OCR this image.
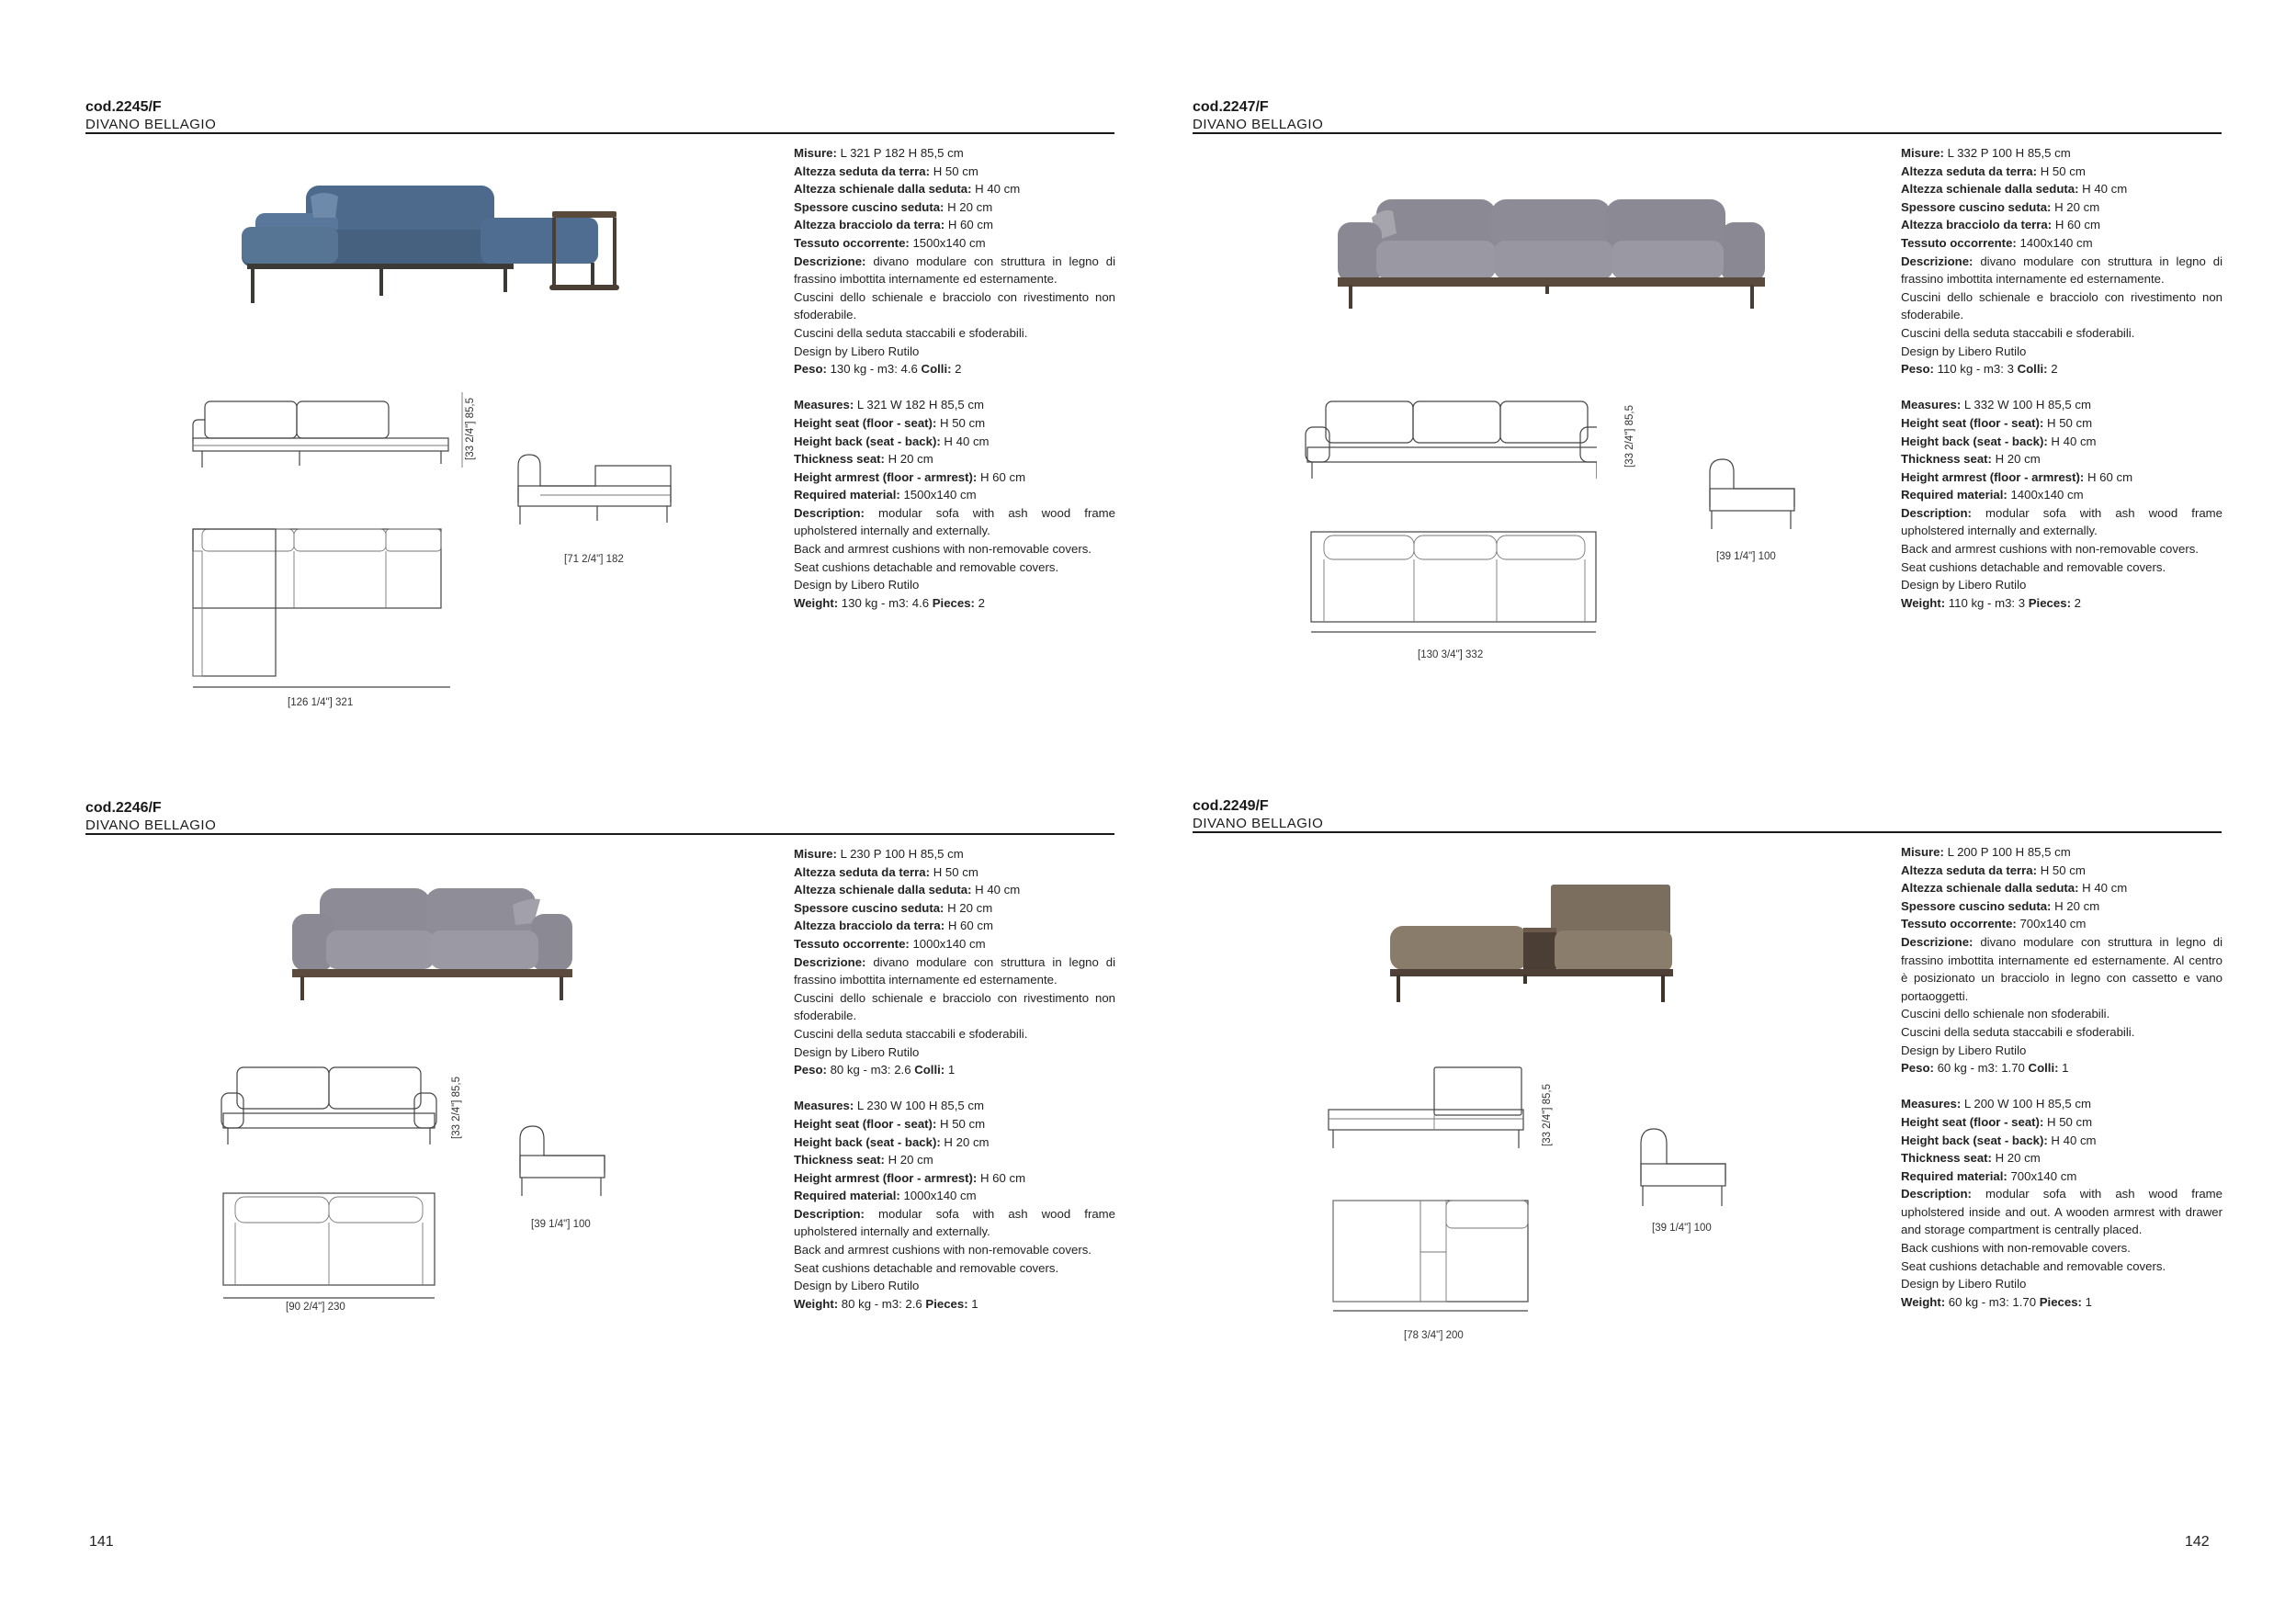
cod.2245/F
DIVANO BELLAGIO
[33 2/4"] 85,5
[71 2/4"] 182
[126 1/4"] 321

Misure: L 321 P 182 H 85,5 cm

Altezza seduta da terra: H 50 cm

Altezza schienale dalla seduta: H 40 cm

Spessore cuscino seduta: H 20 cm

Altezza bracciolo da terra: H 60 cm

Tessuto occorrente: 1500x140 cm

Descrizione: divano modulare con struttura in legno di frassino imbottita internamente ed esternamente.

Cuscini dello schienale e bracciolo con rivestimento non sfoderabile.

Cuscini della seduta staccabili e sfoderabili.

Design by Libero Rutilo

Peso: 130 kg - m3: 4.6 Colli: 2

Measures: L 321 W 182 H 85,5 cm

Height seat (floor - seat): H 50 cm

Height back (seat - back): H 40 cm

Thickness seat: H 20 cm

Height armrest (floor - armrest): H 60 cm

Required material: 1500x140 cm

Description: modular sofa with ash wood frame upholstered internally and externally.

Back and armrest cushions with non-removable covers.

Seat cushions detachable and removable covers.

Design by Libero Rutilo

Weight: 130 kg - m3: 4.6 Pieces: 2

cod.2247/F
DIVANO BELLAGIO
[33 2/4"] 85,5
[39 1/4"] 100
[130 3/4"] 332

Misure: L 332 P 100 H 85,5 cm

Altezza seduta da terra: H 50 cm

Altezza schienale dalla seduta: H 40 cm

Spessore cuscino seduta: H 20 cm

Altezza bracciolo da terra: H 60 cm

Tessuto occorrente: 1400x140 cm

Descrizione: divano modulare con struttura in legno di frassino imbottita internamente ed esternamente.

Cuscini dello schienale e bracciolo con rivestimento non sfoderabile.

Cuscini della seduta staccabili e sfoderabili.

Design by Libero Rutilo

Peso: 110 kg - m3: 3 Colli: 2

Measures: L 332 W 100 H 85,5 cm

Height seat (floor - seat): H 50 cm

Height back (seat - back): H 40 cm

Thickness seat: H 20 cm

Height armrest (floor - armrest): H 60 cm

Required material: 1400x140 cm

Description: modular sofa with ash wood frame upholstered internally and externally.

Back and armrest cushions with non-removable covers.

Seat cushions detachable and removable covers.

Design by Libero Rutilo

Weight: 110 kg - m3: 3 Pieces: 2

cod.2246/F
DIVANO BELLAGIO
[33 2/4"] 85,5
[39 1/4"] 100
[90 2/4"] 230

Misure: L 230 P 100 H 85,5 cm

Altezza seduta da terra: H 50 cm

Altezza schienale dalla seduta: H 40 cm

Spessore cuscino seduta: H 20 cm

Altezza bracciolo da terra: H 60 cm

Tessuto occorrente: 1000x140 cm

Descrizione: divano modulare con struttura in legno di frassino imbottita internamente ed esternamente.

Cuscini dello schienale e bracciolo con rivestimento non sfoderabile.

Cuscini della seduta staccabili e sfoderabili.

Design by Libero Rutilo

Peso: 80 kg - m3: 2.6 Colli: 1

Measures: L 230 W 100 H 85,5 cm

Height seat (floor - seat): H 50 cm

Height back (seat - back): H 20 cm

Thickness seat: H 20 cm

Height armrest (floor - armrest): H 60 cm

Required material: 1000x140 cm

Description: modular sofa with ash wood frame upholstered internally and externally.

Back and armrest cushions with non-removable covers.

Seat cushions detachable and removable covers.

Design by Libero Rutilo

Weight: 80 kg - m3: 2.6 Pieces: 1

cod.2249/F
DIVANO BELLAGIO
[33 2/4"] 85,5
[39 1/4"] 100
[78 3/4"] 200

Misure: L 200 P 100 H 85,5 cm

Altezza seduta da terra: H 50 cm

Altezza schienale dalla seduta: H 40 cm

Spessore cuscino seduta: H 20 cm

Tessuto occorrente: 700x140 cm

Descrizione: divano modulare con struttura in legno di frassino imbottita internamente ed esternamente. Al centro è posizionato un bracciolo in legno con cassetto e vano portaoggetti.

Cuscini dello schienale non sfoderabili.

Cuscini della seduta staccabili e sfoderabili.

Design by Libero Rutilo

Peso: 60 kg - m3: 1.70 Colli: 1

Measures: L 200 W 100 H 85,5 cm

Height seat (floor - seat): H 50 cm

Height back (seat - back): H 40 cm

Thickness seat: H 20 cm

Required material: 700x140 cm

Description: modular sofa with ash wood frame upholstered inside and out. A wooden armrest with drawer and storage compartment is centrally placed.

Back cushions with non-removable covers.

Seat cushions detachable and removable covers.

Design by Libero Rutilo

Weight: 60 kg - m3: 1.70 Pieces: 1

141	142
